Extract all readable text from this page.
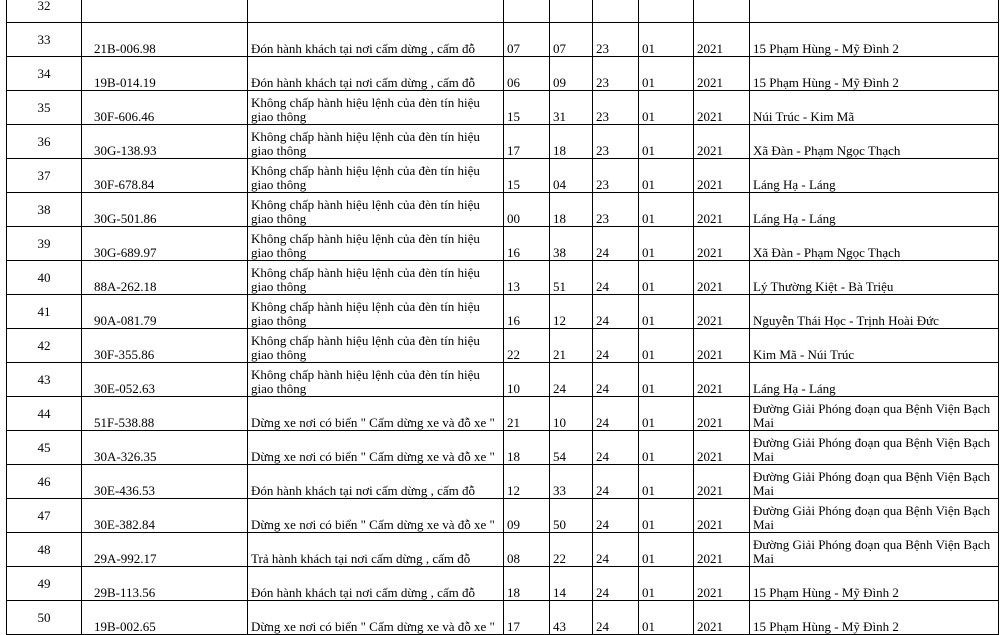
32		

33	21B-006.98	Đón hành khách tại nơi cấm dừng , cấm đỗ	07	07	23	01	2021	15 Phạm Hùng - Mỹ Đình 2

34	19B-014.19	Đón hành khách tại nơi cấm dừng , cấm đỗ	06	09	23	01	2021	15 Phạm Hùng - Mỹ Đình 2

35	30F-606.46	Không chấp hành hiệu lệnh của đèn tín hiệu giao thông	15	31	23	01	2021	Núi Trúc - Kim Mã

36	30G-138.93	Không chấp hành hiệu lệnh của đèn tín hiệu giao thông	17	18	23	01	2021	Xã Đàn - Phạm Ngọc Thạch

37	30F-678.84	Không chấp hành hiệu lệnh của đèn tín hiệu giao thông	15	04	23	01	2021	Láng Hạ - Láng

38	30G-501.86	Không chấp hành hiệu lệnh của đèn tín hiệu giao thông	00	18	23	01	2021	Láng Hạ - Láng

39	30G-689.97	Không chấp hành hiệu lệnh của đèn tín hiệu giao thông	16	38	24	01	2021	Xã Đàn - Phạm Ngọc Thạch

40	88A-262.18	Không chấp hành hiệu lệnh của đèn tín hiệu giao thông	13	51	24	01	2021	Lý Thường Kiệt - Bà Triệu

41	90A-081.79	Không chấp hành hiệu lệnh của đèn tín hiệu giao thông	16	12	24	01	2021	Nguyễn Thái Học - Trịnh Hoài Đức

42	30F-355.86	Không chấp hành hiệu lệnh của đèn tín hiệu giao thông	22	21	24	01	2021	Kim Mã - Núi Trúc

43	30E-052.63	Không chấp hành hiệu lệnh của đèn tín hiệu giao thông	10	24	24	01	2021	Láng Hạ - Láng

44	51F-538.88	Dừng xe nơi có biển " Cấm dừng xe và đỗ xe "	21	10	24	01	2021	Đường Giải Phóng đoạn qua Bệnh Viện Bạch Mai

45	30A-326.35	Dừng xe nơi có biển " Cấm dừng xe và đỗ xe "	18	54	24	01	2021	Đường Giải Phóng đoạn qua Bệnh Viện Bạch Mai

46	30E-436.53	Đón hành khách tại nơi cấm dừng , cấm đỗ	12	33	24	01	2021	Đường Giải Phóng đoạn qua Bệnh Viện Bạch Mai

47	30E-382.84	Dừng xe nơi có biển " Cấm dừng xe và đỗ xe "	09	50	24	01	2021	Đường Giải Phóng đoạn qua Bệnh Viện Bạch Mai

48	29A-992.17	Trả hành khách tại nơi cấm dừng , cấm đỗ	08	22	24	01	2021	Đường Giải Phóng đoạn qua Bệnh Viện Bạch Mai

49	29B-113.56	Đón hành khách tại nơi cấm dừng , cấm đỗ	18	14	24	01	2021	15 Phạm Hùng - Mỹ Đình 2

50	19B-002.65	Dừng xe nơi có biển " Cấm dừng xe và đỗ xe "	17	43	24	01	2021	15 Phạm Hùng - Mỹ Đình 2
